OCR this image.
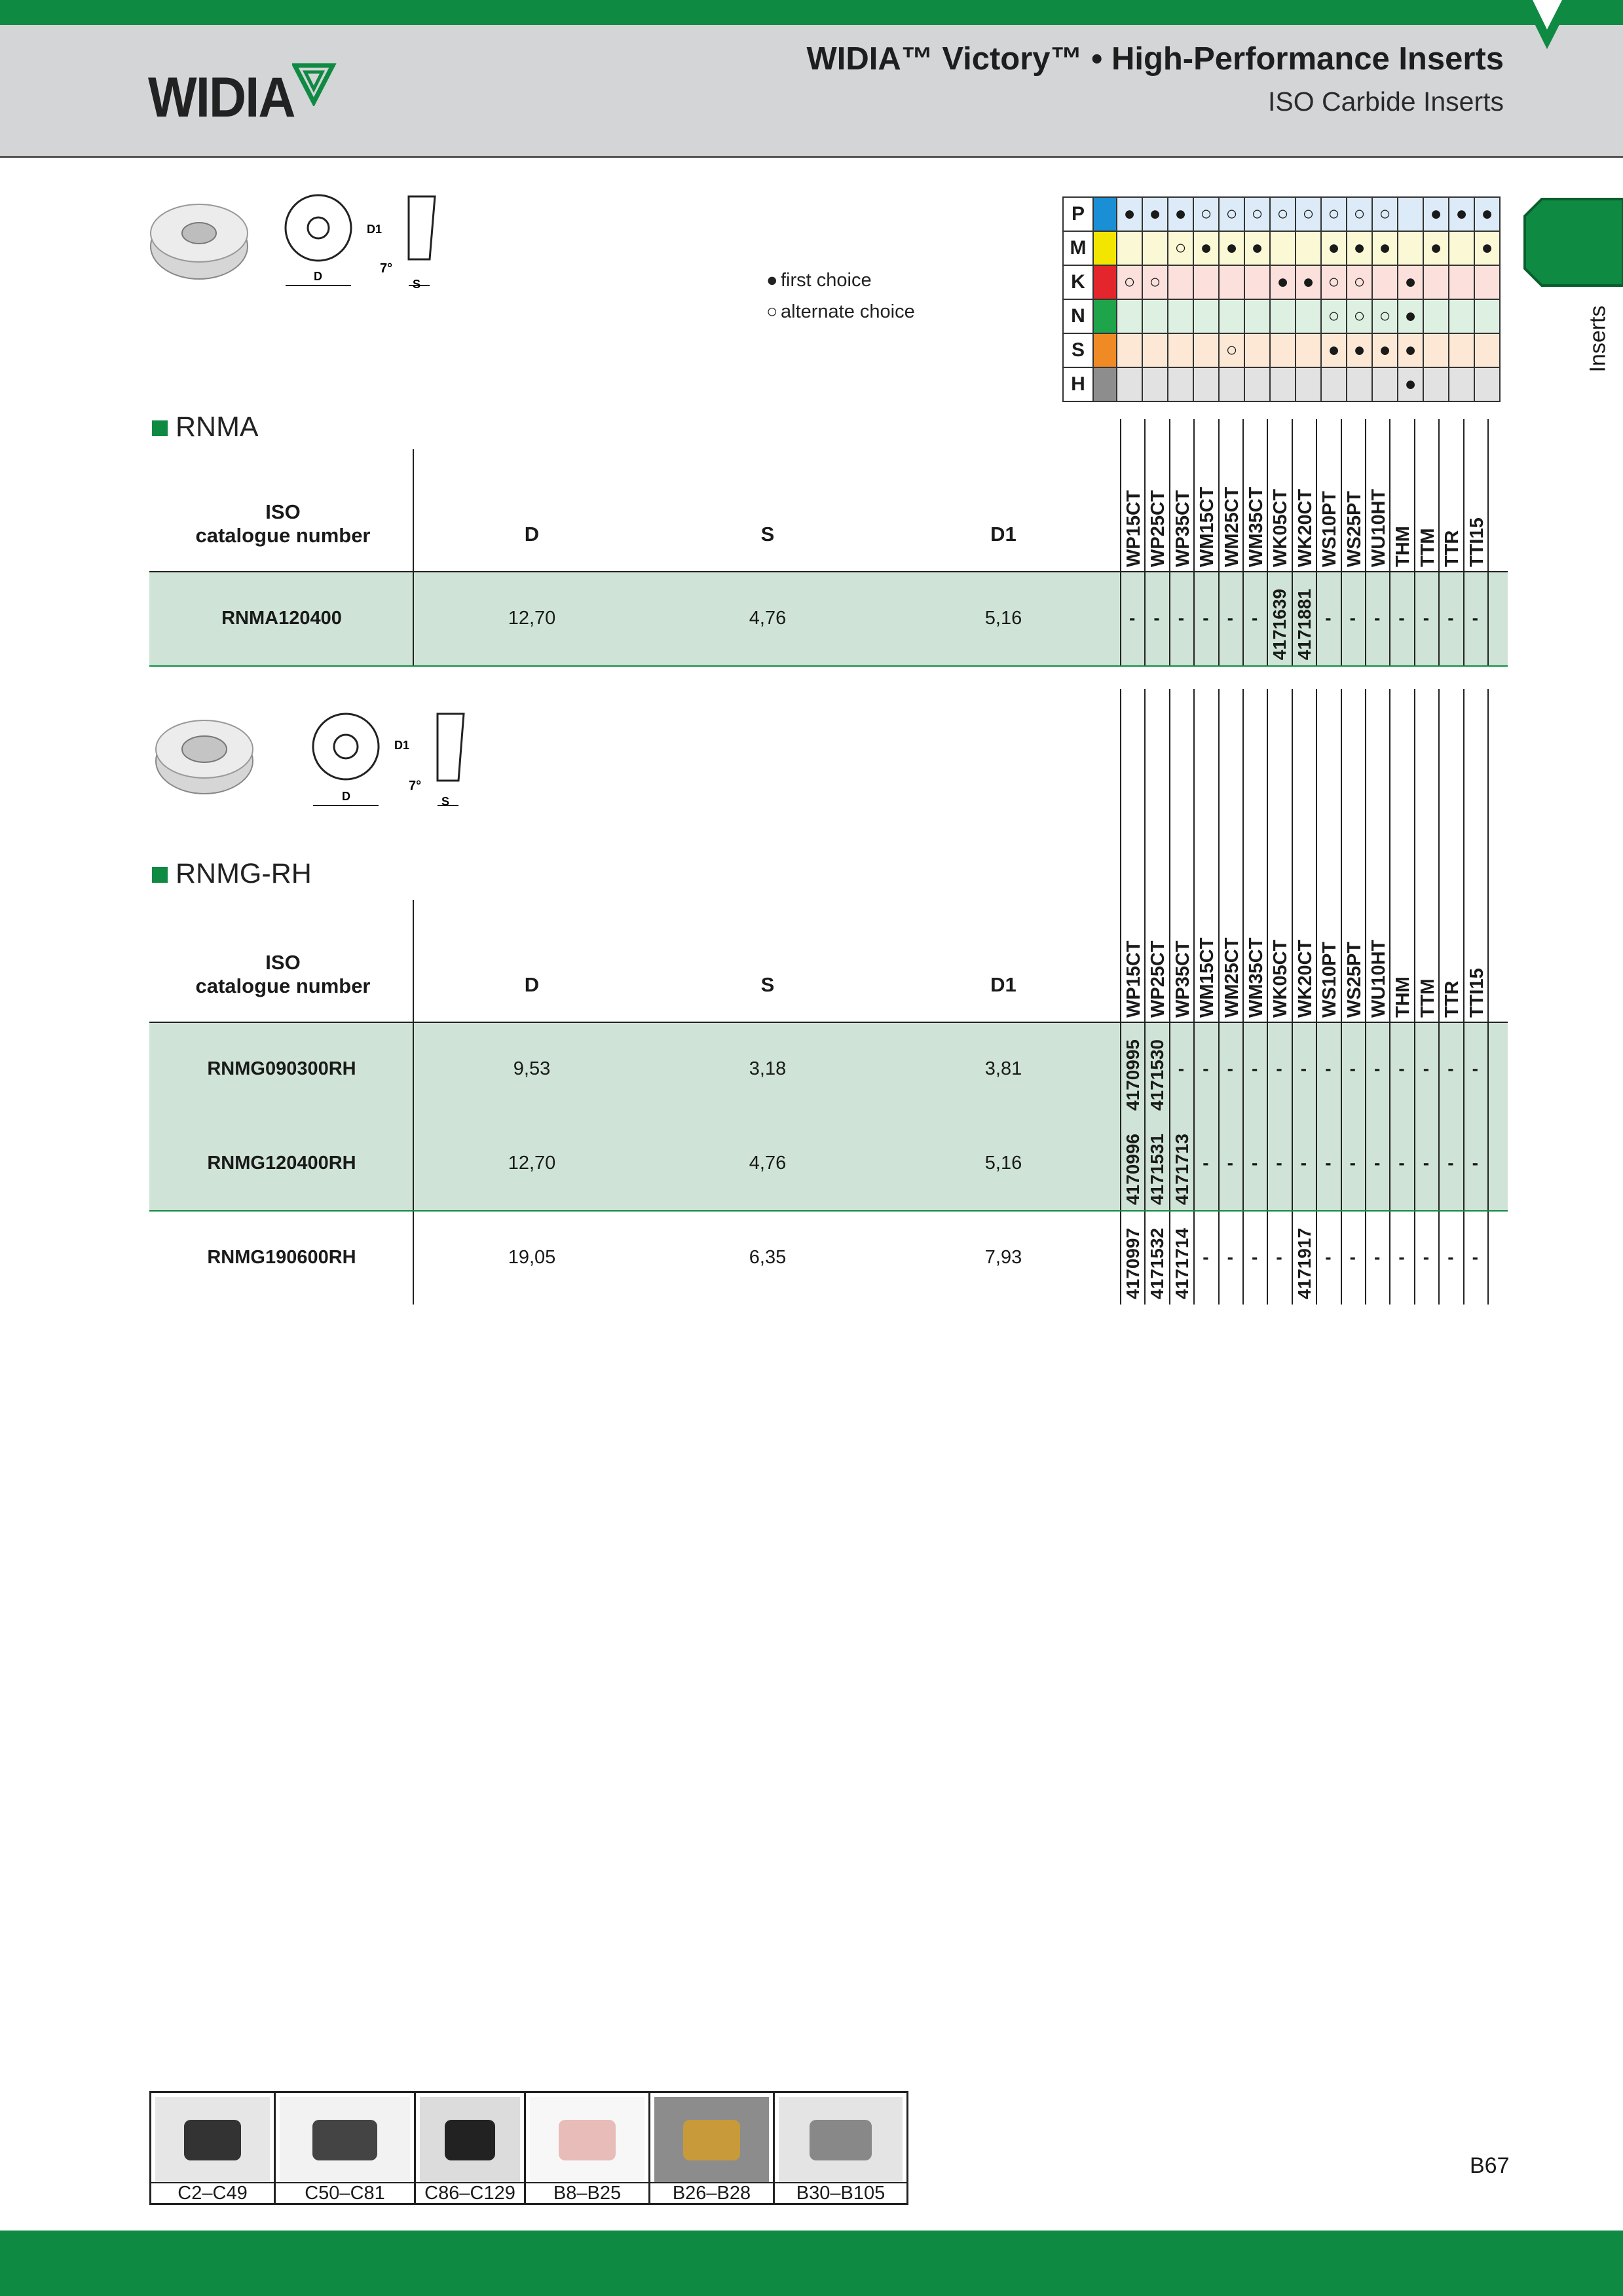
WIDIA
WIDIA™ Victory™ • High-Performance Inserts
ISO Carbide Inserts
Inserts
D
D1
7°
S	● first choice
○ alternate choice
P		●	●	●	○	○	○	○	○	○	○	○		●	●	●
M				○	●	●	●			●	●	●		●		●
K		○	○					●	●	○	○		●			
N										○	○	○	●			
S						○				●	●	●	●			
H													●			
RNMA
ISO
catalogue number	D	S	D1	WP15CT WP25CT WP35CT WM15CT WM25CT WM35CT WK05CT WK20CT WS10PT WS25PT WU10HT THM TTM TTR TTI15
RNMA120400	12,70	4,76	5,16	- - - - - - 4171639 4171881 - - - - - - -
RNMG-RH
ISO
catalogue number	D	S	D1	WP15CT WP25CT WP35CT WM15CT WM25CT WM35CT WK05CT WK20CT WS10PT WS25PT WU10HT THM TTM TTR TTI15
RNMG090300RH	9,53	3,18	3,81	4170995 4171530 - - - - - - - - - - - - -
RNMG120400RH	12,70	4,76	5,16	4170996 4171531 4171713 - - - - - - - - - - - -
RNMG190600RH	19,05	6,35	7,93	4170997 4171532 4171714 - - - - 4171917 - - - - - - -
D
D1
7°
S
C2–C49	C50–C81	C86–C129	B8–B25	B26–B28	B30–B105
B67
